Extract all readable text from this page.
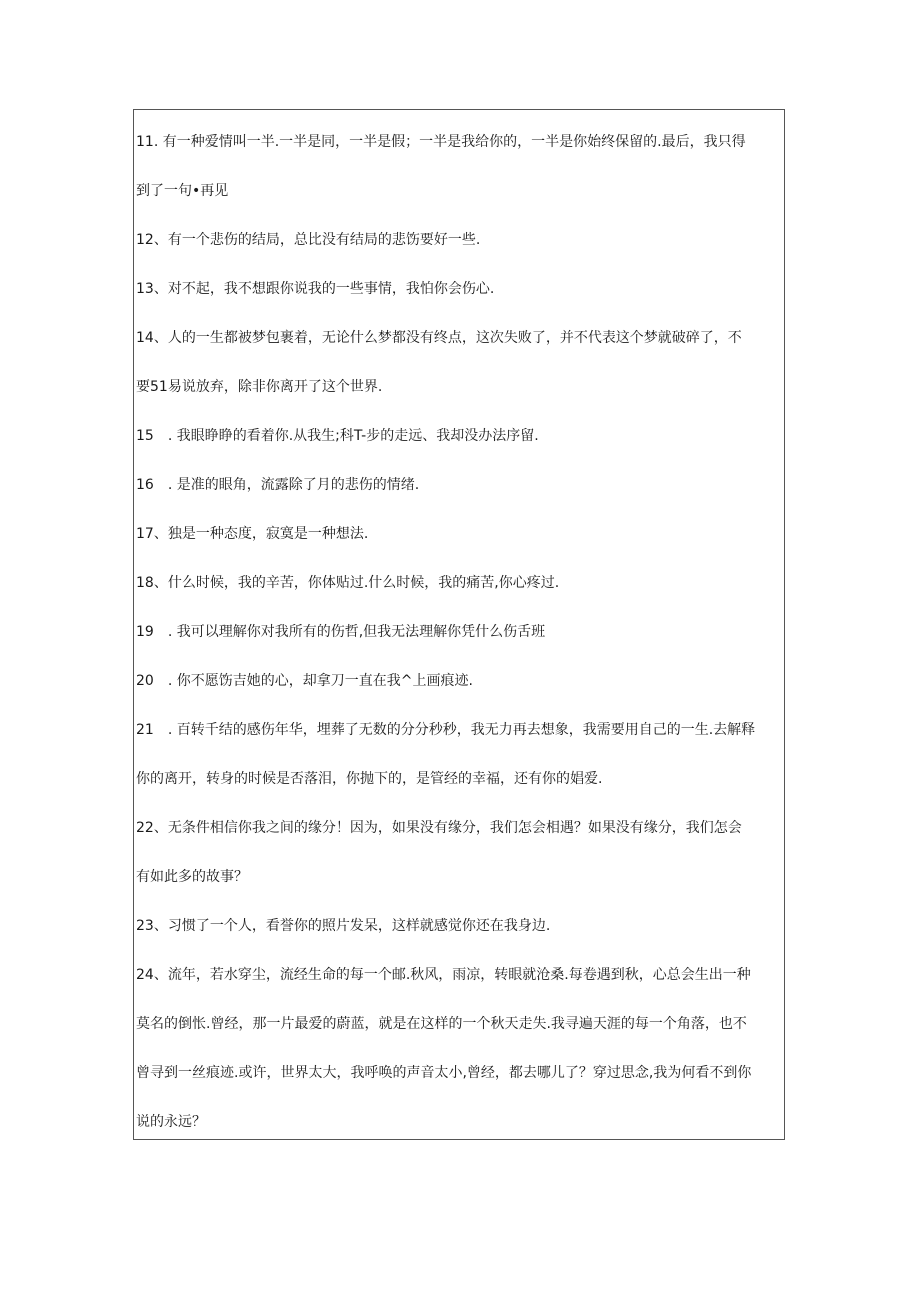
11. 有一种爱情叫一半.一半是同，一半是假；一半是我给你的，一半是你始终保留的.最后，我只得
到了一句•再见

12、有一个悲伤的结局，总比没有结局的悲饬要好一些.

13、对不起，我不想跟你说我的一些事情，我怕你会伤心.

14、人的一生都被梦包裹着，无论什么梦都没有终点，这次失败了，并不代表这个梦就破碎了，不
要51易说放弃，除非你离开了这个世界.

15　. 我眼睁睁的看着你.从我生;科T-步的走远、我却没办法序留.

16　. 是准的眼角，流露除了月的悲伤的情绪.

17、独是一种态度，寂寞是一种想法.

18、什么时候，我的辛苦，你体贴过.什么时候，我的痛苦,你心疼过.

19　. 我可以理解你对我所有的伤哲,但我无法理解你凭什么伤舌班

20　. 你不愿饬吉她的心，却拿刀一直在我^上画痕迹.

21　. 百转千结的感伤年华，埋葬了无数的分分秒秒，我无力再去想象，我需要用自己的一生.去解释
你的离开，转身的时候是否落泪，你抛下的，是管经的幸福，还有你的娼爱.

22、无条件相信你我之间的缘分！因为，如果没有缘分，我们怎会相遇？如果没有缘分，我们怎会
有如此多的故事？

23、习惯了一个人，看誉你的照片发呆，这样就感觉你还在我身边.

24、流年，若水穿尘，流经生命的每一个邮.秋风，雨凉，转眼就沧桑.每卷遇到秋，心总会生出一种
莫名的倒怅.曾经，那一片最爱的蔚蓝，就是在这样的一个秋天走失.我寻遍天涯的每一个角落，也不
曾寻到一丝痕迹.或许，世界太大，我呼唤的声音太小,曾经，都去哪儿了？穿过思念,我为何看不到你
说的永远？
